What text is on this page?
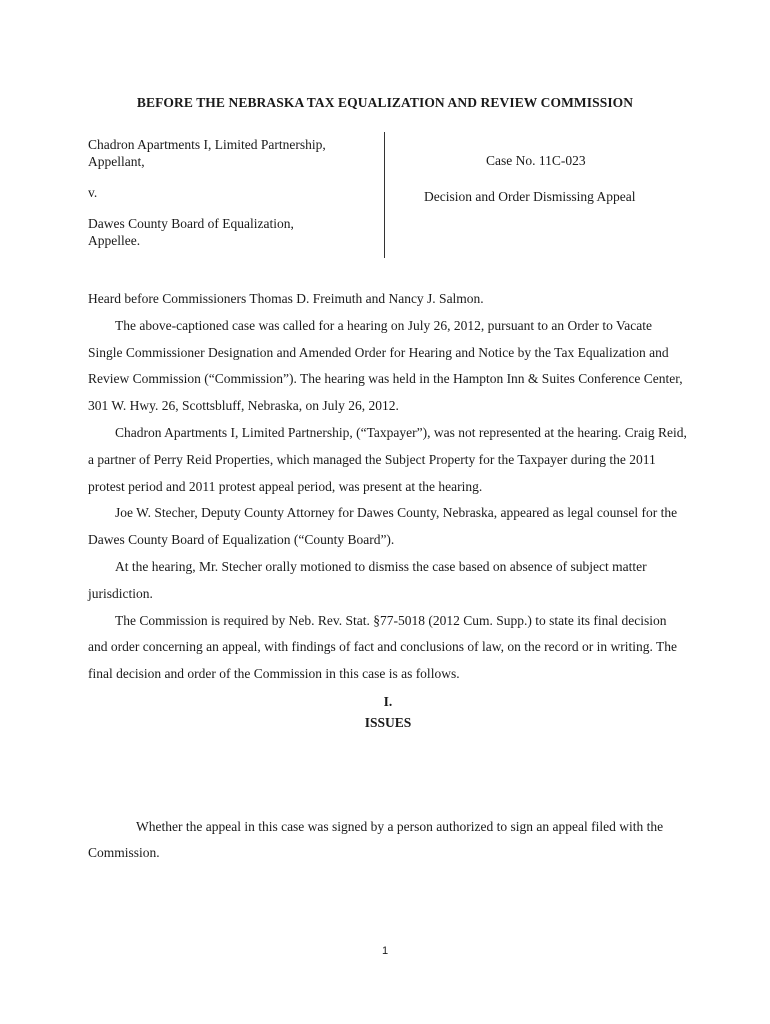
BEFORE THE NEBRASKA TAX EQUALIZATION AND REVIEW COMMISSION
Chadron Apartments I, Limited Partnership,
Appellant,
v.
Dawes County Board of Equalization,
Appellee.
Case No. 11C-023
Decision and Order Dismissing Appeal

Heard before Commissioners Thomas D. Freimuth and Nancy J. Salmon.

The above-captioned case was called for a hearing on July 26, 2012, pursuant to an Order to Vacate Single Commissioner Designation and Amended Order for Hearing and Notice by the Tax Equalization and Review Commission (“Commission”). The hearing was held in the Hampton Inn & Suites Conference Center, 301 W. Hwy. 26, Scottsbluff, Nebraska, on July 26, 2012.

Chadron Apartments I, Limited Partnership, (“Taxpayer”), was not represented at the hearing. Craig Reid, a partner of Perry Reid Properties, which managed the Subject Property for the Taxpayer during the 2011 protest period and 2011 protest appeal period, was present at the hearing.

Joe W. Stecher, Deputy County Attorney for Dawes County, Nebraska, appeared as legal counsel for the Dawes County Board of Equalization (“County Board”).

At the hearing, Mr. Stecher orally motioned to dismiss the case based on absence of subject matter jurisdiction.

The Commission is required by Neb. Rev. Stat. §77-5018 (2012 Cum. Supp.) to state its final decision and order concerning an appeal, with findings of fact and conclusions of law, on the record or in writing. The final decision and order of the Commission in this case is as follows.

I.

ISSUES

Whether the appeal in this case was signed by a person authorized to sign an appeal filed with the Commission.

1
